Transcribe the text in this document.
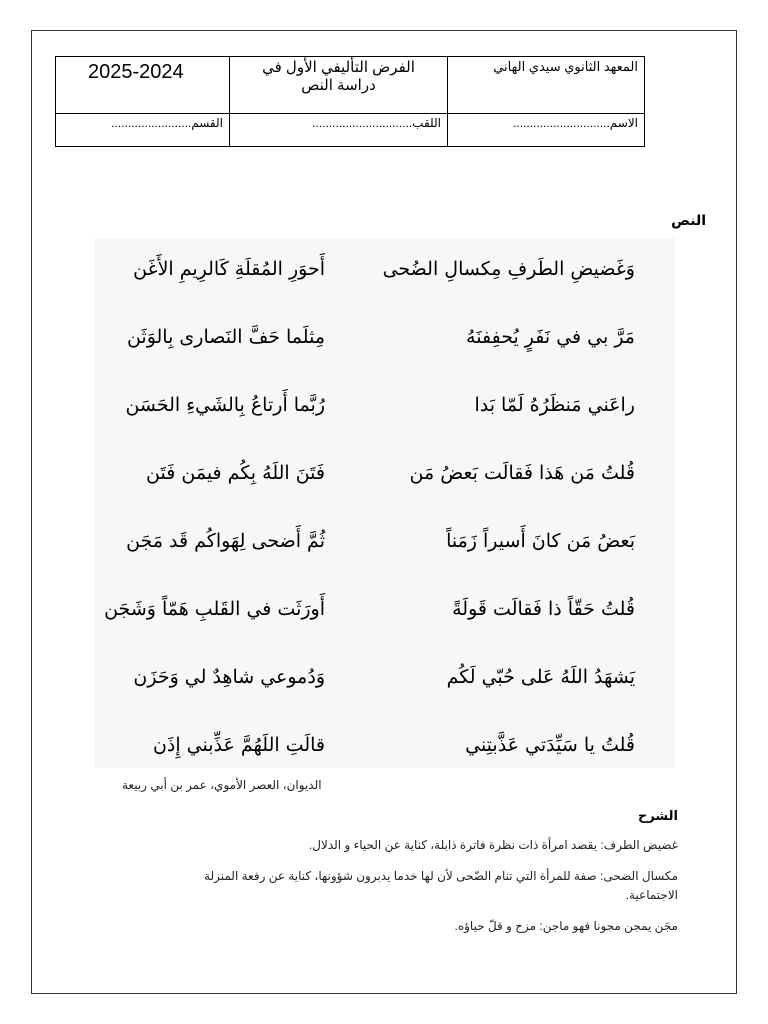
المعهد الثانوي سيدي الهاني	الفرض التأليفي الأول في
دراسة النص	2025-2024
الاسم.............................	اللقب..............................	القسم........................
النص
وَغَضيضِ الطَرفِ مِكسالِ الضُحى
أَحوَرِ المُقلَةِ كَالرِيمِ الأَغَن
مَرَّ بي في نَفَرٍ يُحفِفنَهُ
مِثلَما حَفَّ النَصارى بِالوَثَن
راعَني مَنظَرُهُ لَمّا بَدا
رُبَّما أَرتاعُ بِالشَيءِ الحَسَن
قُلتُ مَن هَذا فَقالَت بَعضُ مَن
فَتَنَ اللَهُ بِكُم فيمَن فَتَن
بَعضُ مَن كانَ أَسيراً زَمَناً
ثُمَّ أَضحى لِهَواكُم قَد مَجَن
قُلتُ حَقّاً ذا فَقالَت قَولَةً
أَورَثَت في القَلبِ هَمّاً وَشَجَن
يَشهَدُ اللَهُ عَلى حُبّي لَكُم
وَدُموعي شاهِدٌ لي وَحَزَن
قُلتُ يا سَيِّدَتي عَذَّبتِني
قالَتِ اللَهُمَّ عَذِّبني إِذَن
الديوان، العصر الأموي، عمر بن أبي ربيعة
الشرح

غضيض الطرف: يقصد امرأة ذات نظرة فاترة ذابلة، كناية عن الحياء و الدلال.

مكسال الضحى: صفة للمرأة التي تنام الضّحى لأن لها خدما يدبرون شؤونها، كناية عن رفعة المنزلة الاجتماعية.

مجَن يمجن مجونا فهو ماجن: مزح و قلّ حياؤه.
